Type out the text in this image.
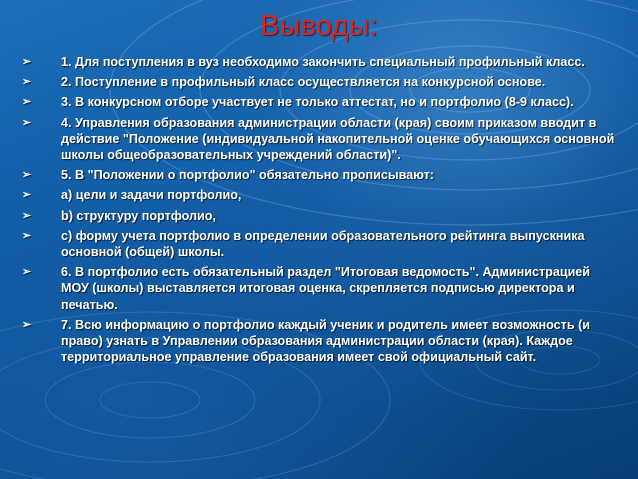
Выводы:
➢ 1. Для поступления в вуз необходимо закончить специальный профильный класс.
➢ 2. Поступление в профильный класс осуществляется на конкурсной основе.
➢ 3. В конкурсном отборе участвует не только аттестат, но и портфолио (8-9 класс).
➢ 4. Управления образования администрации области (края) своим приказом вводит в действие "Положение (индивидуальной накопительной оценке обучающихся основной школы общеобразовательных учреждений области)".
➢ 5. В "Положении о портфолио" обязательно прописывают:
➢ а) цели и задачи портфолио,
➢ b) структуру портфолио,
➢ с) форму учета портфолио в определении образовательного рейтинга выпускника основной (общей) школы.
➢ 6. В портфолио есть обязательный раздел "Итоговая ведомость". Администрацией МОУ (школы) выставляется итоговая оценка, скрепляется подписью директора и печатью.
➢ 7. Всю информацию о портфолио каждый ученик и родитель имеет возможность (и право) узнать в Управлении образования администрации области (края). Каждое территориальное управление образования имеет свой официальный сайт.
